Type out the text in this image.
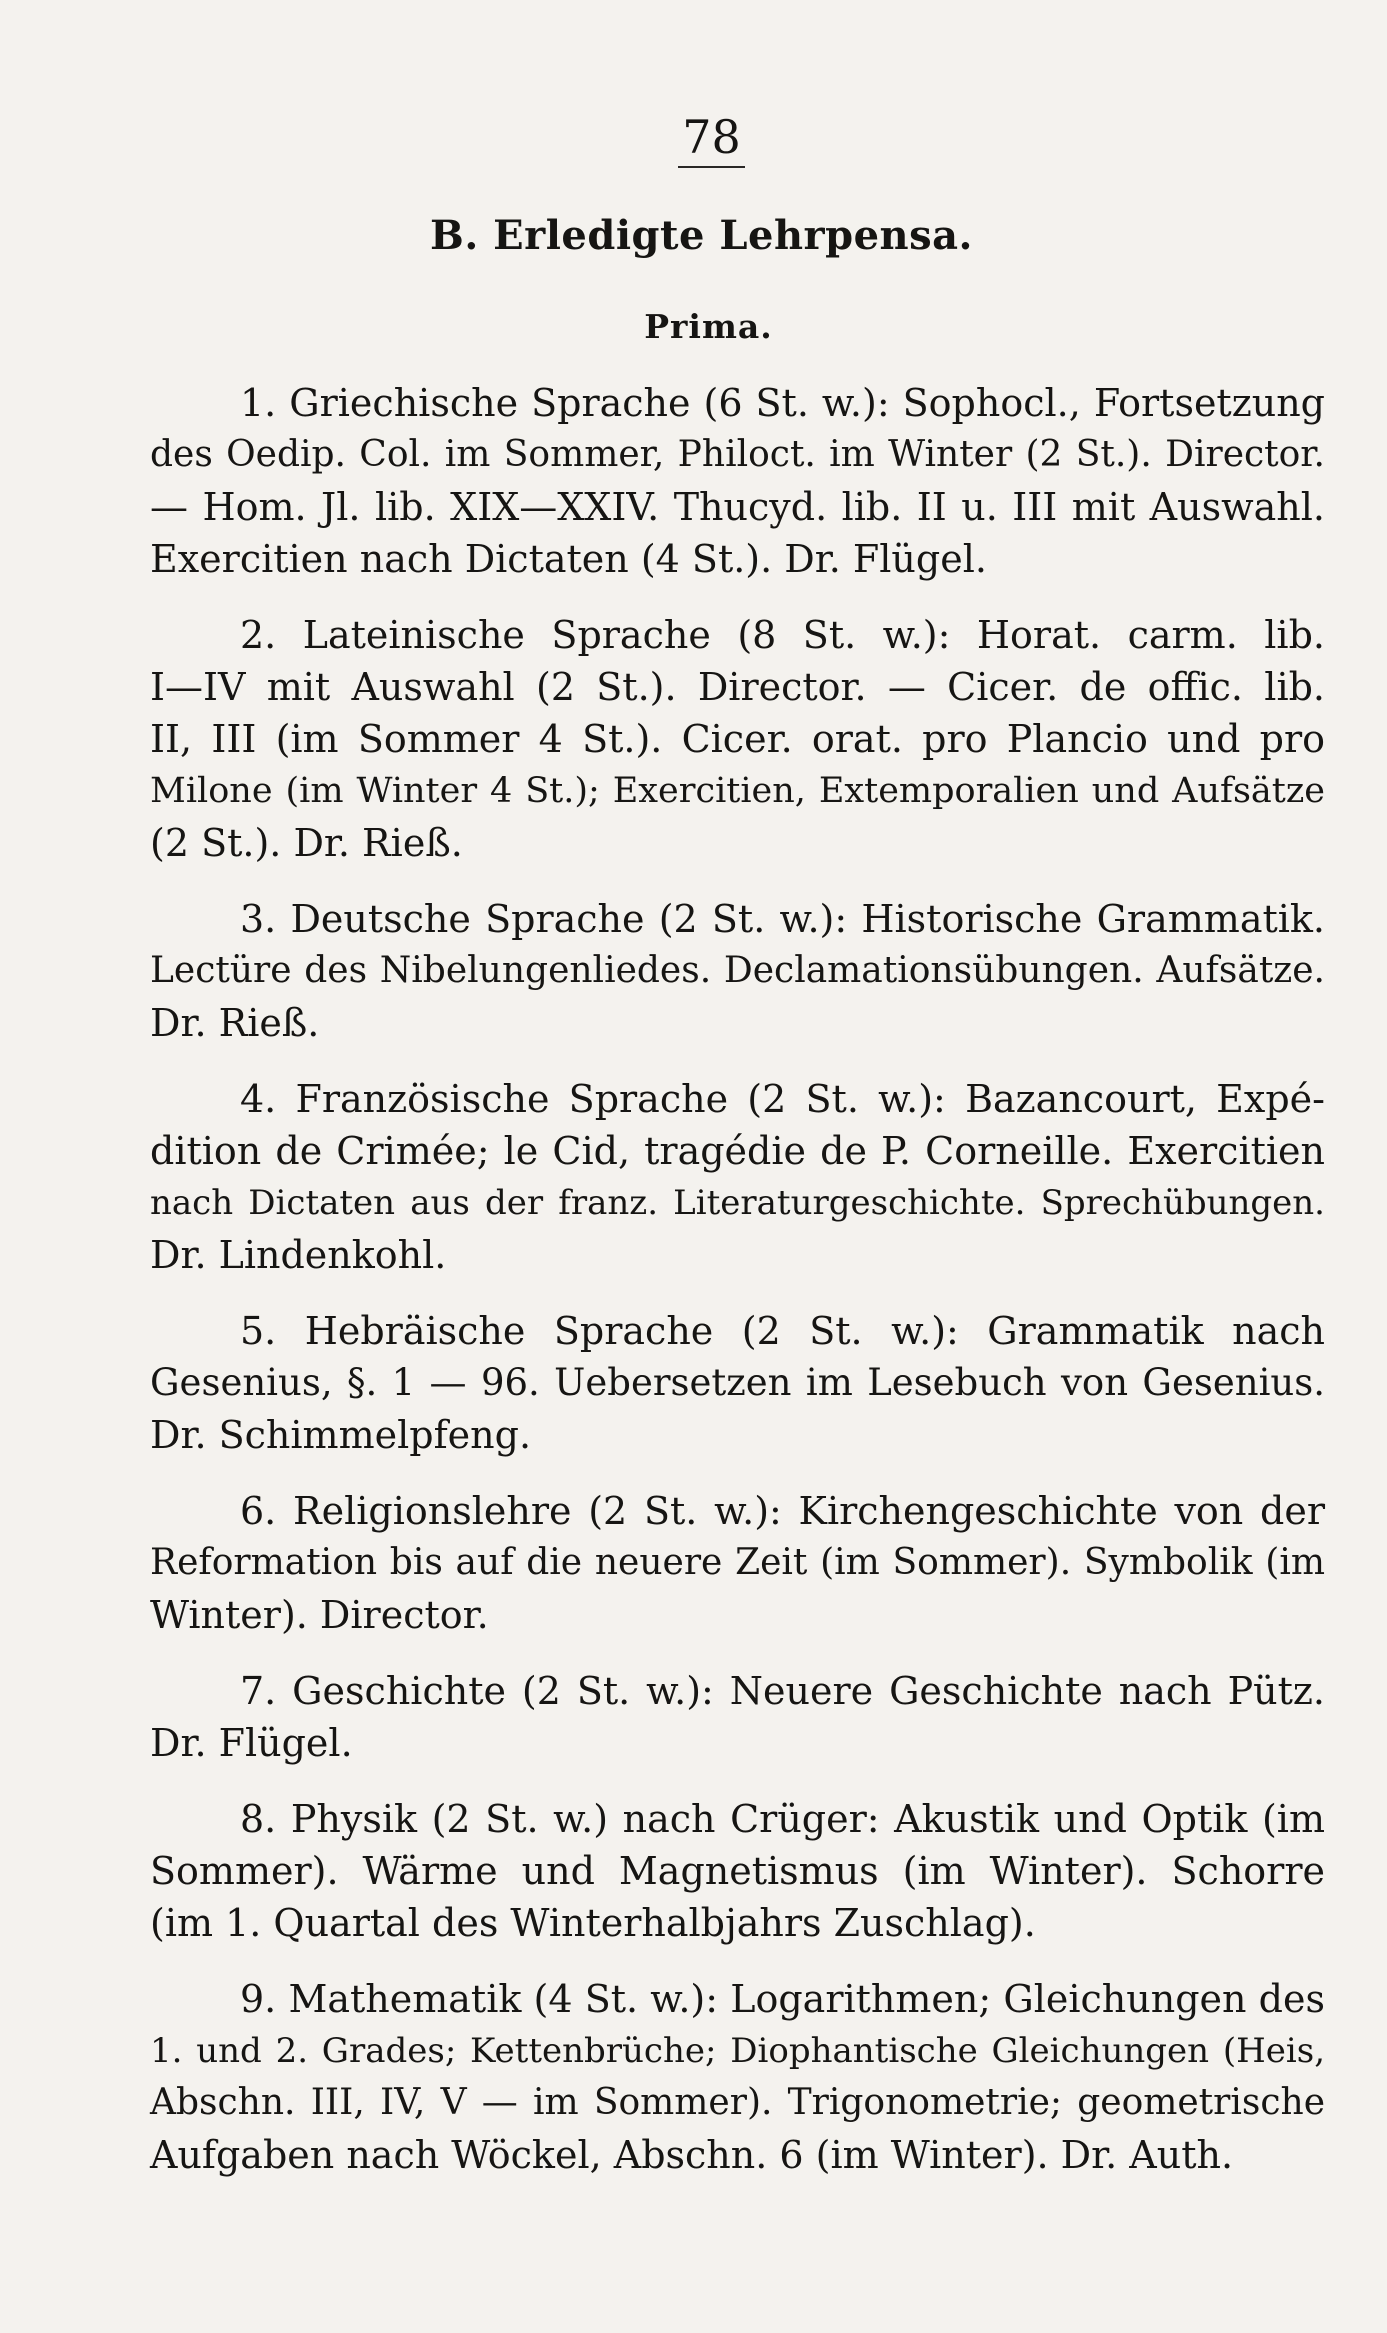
78
B. Erledigte Lehrpensa.
Prima.
1. Griechische Sprache (6 St. w.): Sophocl., Fortsetzung
des Oedip. Col. im Sommer, Philoct. im Winter (2 St.). Director.
— Hom. Jl. lib. XIX—XXIV. Thucyd. lib. II u. III mit Auswahl.
Exercitien nach Dictaten (4 St.). Dr. Flügel.
2. Lateinische Sprache (8 St. w.): Horat. carm. lib.
I—IV mit Auswahl (2 St.). Director. — Cicer. de offic. lib.
II, III (im Sommer 4 St.). Cicer. orat. pro Plancio und pro
Milone (im Winter 4 St.); Exercitien, Extemporalien und Aufsätze
(2 St.). Dr. Rieß.
3. Deutsche Sprache (2 St. w.): Historische Grammatik.
Lectüre des Nibelungenliedes. Declamationsübungen. Aufsätze.
Dr. Rieß.
4. Französische Sprache (2 St. w.): Bazancourt, Expé-
dition de Crimée; le Cid, tragédie de P. Corneille. Exercitien
nach Dictaten aus der franz. Literaturgeschichte. Sprechübungen.
Dr. Lindenkohl.
5. Hebräische Sprache (2 St. w.): Grammatik nach
Gesenius, §. 1 — 96. Uebersetzen im Lesebuch von Gesenius.
Dr. Schimmelpfeng.
6. Religionslehre (2 St. w.): Kirchengeschichte von der
Reformation bis auf die neuere Zeit (im Sommer). Symbolik (im
Winter). Director.
7. Geschichte (2 St. w.): Neuere Geschichte nach Pütz.
Dr. Flügel.
8. Physik (2 St. w.) nach Crüger: Akustik und Optik (im
Sommer). Wärme und Magnetismus (im Winter). Schorre
(im 1. Quartal des Winterhalbjahrs Zuschlag).
9. Mathematik (4 St. w.): Logarithmen; Gleichungen des
1. und 2. Grades; Kettenbrüche; Diophantische Gleichungen (Heis,
Abschn. III, IV, V — im Sommer). Trigonometrie; geometrische
Aufgaben nach Wöckel, Abschn. 6 (im Winter). Dr. Auth.
